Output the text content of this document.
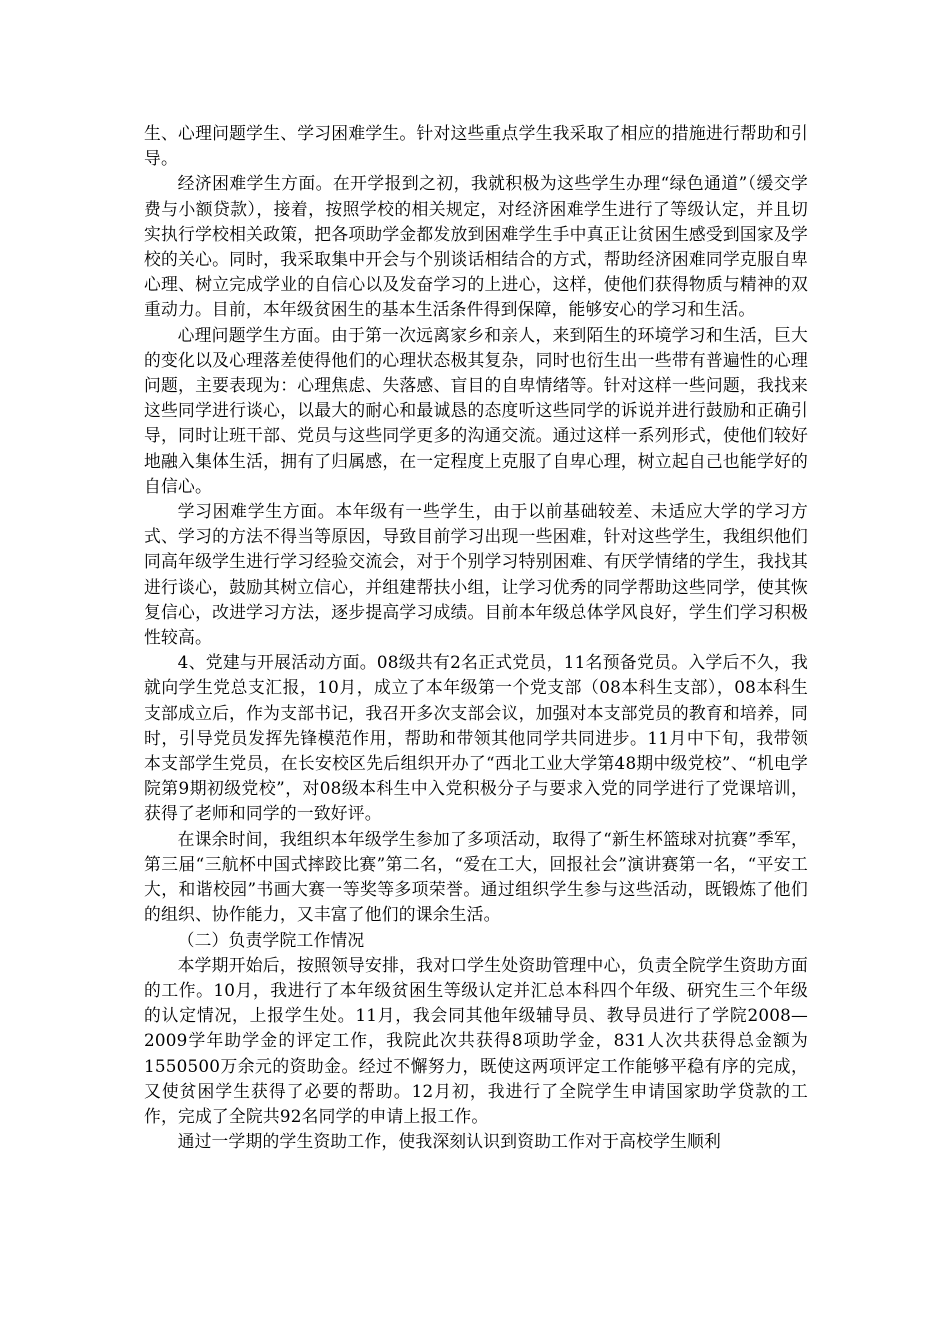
生、心理问题学生、学习困难学生。针对这些重点学生我采取了相应的措施进行帮助和引导。

经济困难学生方面。在开学报到之初，我就积极为这些学生办理“绿色通道”（缓交学费与小额贷款），接着，按照学校的相关规定，对经济困难学生进行了等级认定，并且切实执行学校相关政策，把各项助学金都发放到困难学生手中真正让贫困生感受到国家及学校的关心。同时，我采取集中开会与个别谈话相结合的方式，帮助经济困难同学克服自卑心理、树立完成学业的自信心以及发奋学习的上进心，这样，使他们获得物质与精神的双重动力。目前，本年级贫困生的基本生活条件得到保障，能够安心的学习和生活。

心理问题学生方面。由于第一次远离家乡和亲人，来到陌生的环境学习和生活，巨大的变化以及心理落差使得他们的心理状态极其复杂，同时也衍生出一些带有普遍性的心理问题，主要表现为：心理焦虑、失落感、盲目的自卑情绪等。针对这样一些问题，我找来这些同学进行谈心，以最大的耐心和最诚恳的态度听这些同学的诉说并进行鼓励和正确引导，同时让班干部、党员与这些同学更多的沟通交流。通过这样一系列形式，使他们较好地融入集体生活，拥有了归属感，在一定程度上克服了自卑心理，树立起自己也能学好的自信心。

学习困难学生方面。本年级有一些学生，由于以前基础较差、未适应大学的学习方式、学习的方法不得当等原因，导致目前学习出现一些困难，针对这些学生，我组织他们同高年级学生进行学习经验交流会，对于个别学习特别困难、有厌学情绪的学生，我找其进行谈心，鼓励其树立信心，并组建帮扶小组，让学习优秀的同学帮助这些同学，使其恢复信心，改进学习方法，逐步提高学习成绩。目前本年级总体学风良好，学生们学习积极性较高。

4、党建与开展活动方面。08级共有2名正式党员，11名预备党员。入学后不久，我就向学生党总支汇报，10月，成立了本年级第一个党支部（08本科生支部），08本科生支部成立后，作为支部书记，我召开多次支部会议，加强对本支部党员的教育和培养，同时，引导党员发挥先锋模范作用，帮助和带领其他同学共同进步。11月中下旬，我带领本支部学生党员，在长安校区先后组织开办了“西北工业大学第48期中级党校”、“机电学院第9期初级党校”，对08级本科生中入党积极分子与要求入党的同学进行了党课培训，获得了老师和同学的一致好评。

在课余时间，我组织本年级学生参加了多项活动，取得了“新生杯篮球对抗赛”季军，第三届“三航杯中国式摔跤比赛”第二名，“爱在工大，回报社会”演讲赛第一名，“平安工大，和谐校园”书画大赛一等奖等多项荣誉。通过组织学生参与这些活动，既锻炼了他们的组织、协作能力，又丰富了他们的课余生活。

（二）负责学院工作情况

本学期开始后，按照领导安排，我对口学生处资助管理中心，负责全院学生资助方面的工作。10月，我进行了本年级贫困生等级认定并汇总本科四个年级、研究生三个年级的认定情况，上报学生处。11月，我会同其他年级辅导员、教导员进行了学院2008—2009学年助学金的评定工作，我院此次共获得8项助学金，831人次共获得总金额为1550500万余元的资助金。经过不懈努力，既使这两项评定工作能够平稳有序的完成，又使贫困学生获得了必要的帮助。12月初，我进行了全院学生申请国家助学贷款的工作，完成了全院共92名同学的申请上报工作。

通过一学期的学生资助工作，使我深刻认识到资助工作对于高校学生顺利
